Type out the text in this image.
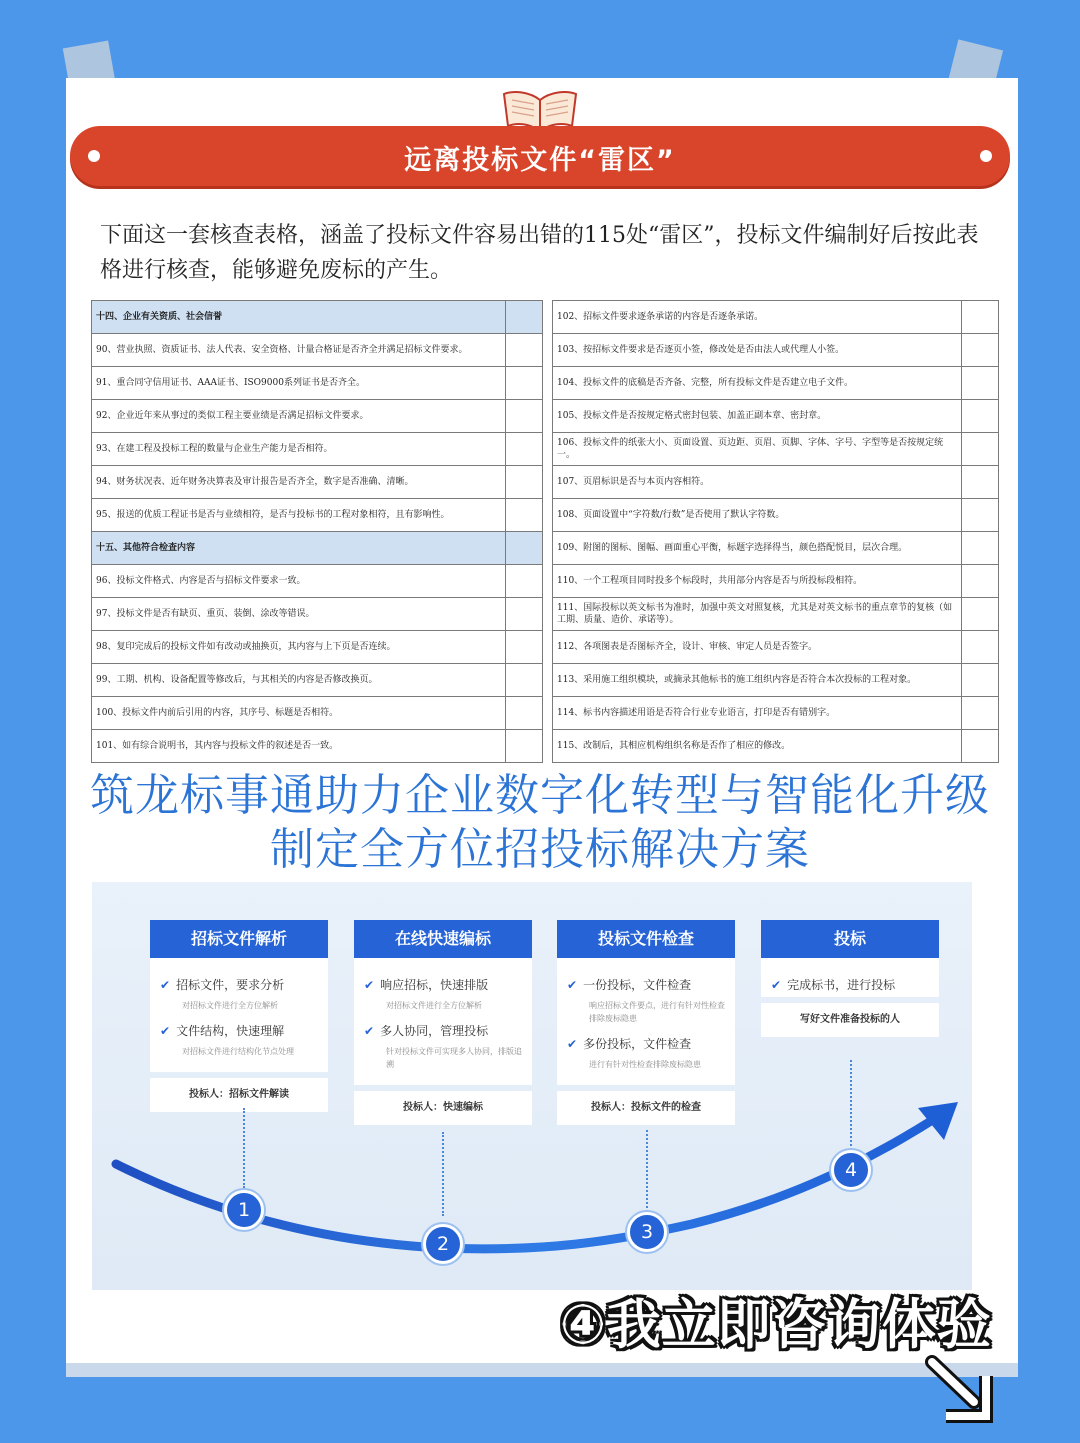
远离投标文件“雷区”
下面这一套核查表格，涵盖了投标文件容易出错的115处“雷区”，投标文件编制好后按此表格进行核查，能够避免废标的产生。
十四、企业有关资质、社会信誉	
90、营业执照、资质证书、法人代表、安全资格、计量合格证是否齐全并满足招标文件要求。	
91、重合同守信用证书、AAA证书、ISO9000系列证书是否齐全。	
92、企业近年来从事过的类似工程主要业绩是否满足招标文件要求。	
93、在建工程及投标工程的数量与企业生产能力是否相符。	
94、财务状况表、近年财务决算表及审计报告是否齐全，数字是否准确、清晰。	
95、报送的优质工程证书是否与业绩相符，是否与投标书的工程对象相符，且有影响性。	
十五、其他符合检查内容	
96、投标文件格式、内容是否与招标文件要求一致。	
97、投标文件是否有缺页、重页、装倒、涂改等错误。	
98、复印完成后的投标文件如有改动或抽换页，其内容与上下页是否连续。	
99、工期、机构、设备配置等修改后，与其相关的内容是否修改换页。	
100、投标文件内前后引用的内容，其序号、标题是否相符。	
101、如有综合说明书，其内容与投标文件的叙述是否一致。	
102、招标文件要求逐条承诺的内容是否逐条承诺。	
103、按招标文件要求是否逐页小签，修改处是否由法人或代理人小签。	
104、投标文件的底稿是否齐备、完整，所有投标文件是否建立电子文件。	
105、投标文件是否按规定格式密封包装、加盖正副本章、密封章。	
106、投标文件的纸张大小、页面设置、页边距、页眉、页脚、字体、字号、字型等是否按规定统一。	
107、页眉标识是否与本页内容相符。	
108、页面设置中“字符数/行数”是否使用了默认字符数。	
109、附图的图标、图幅、画面重心平衡，标题字选择得当，颜色搭配悦目，层次合理。	
110、一个工程项目同时投多个标段时，共用部分内容是否与所投标段相符。	
111、国际投标以英文标书为准时，加强中英文对照复核，尤其是对英文标书的重点章节的复核（如工期、质量、造价、承诺等）。	
112、各项图表是否图标齐全，设计、审核、审定人员是否签字。	
113、采用施工组织模块，或摘录其他标书的施工组织内容是否符合本次投标的工程对象。	
114、标书内容描述用语是否符合行业专业语言，打印是否有错别字。	
115、改制后，其相应机构组织名称是否作了相应的修改。	
筑龙标事通助力企业数字化转型与智能化升级
制定全方位招投标解决方案
招标文件解析
✔ 招标文件，要求分析
对招标文件进行全方位解析
✔ 文件结构，快速理解
对招标文件进行结构化节点处理
投标人：招标文件解读
在线快速编标
✔ 响应招标，快速排版
对招标文件进行全方位解析
✔ 多人协同，管理投标
针对投标文件可实现多人协同，排版追溯
投标人：快速编标
投标文件检查
✔ 一份投标，文件检查
响应招标文件要点，进行有针对性检查排除废标隐患
✔ 多份投标，文件检查
进行有针对性检查排除废标隐患
投标人：投标文件的检查
投标
✔ 完成标书，进行投标
写好文件准备投标的人
1
2
3
4
④我立即咨询体验
